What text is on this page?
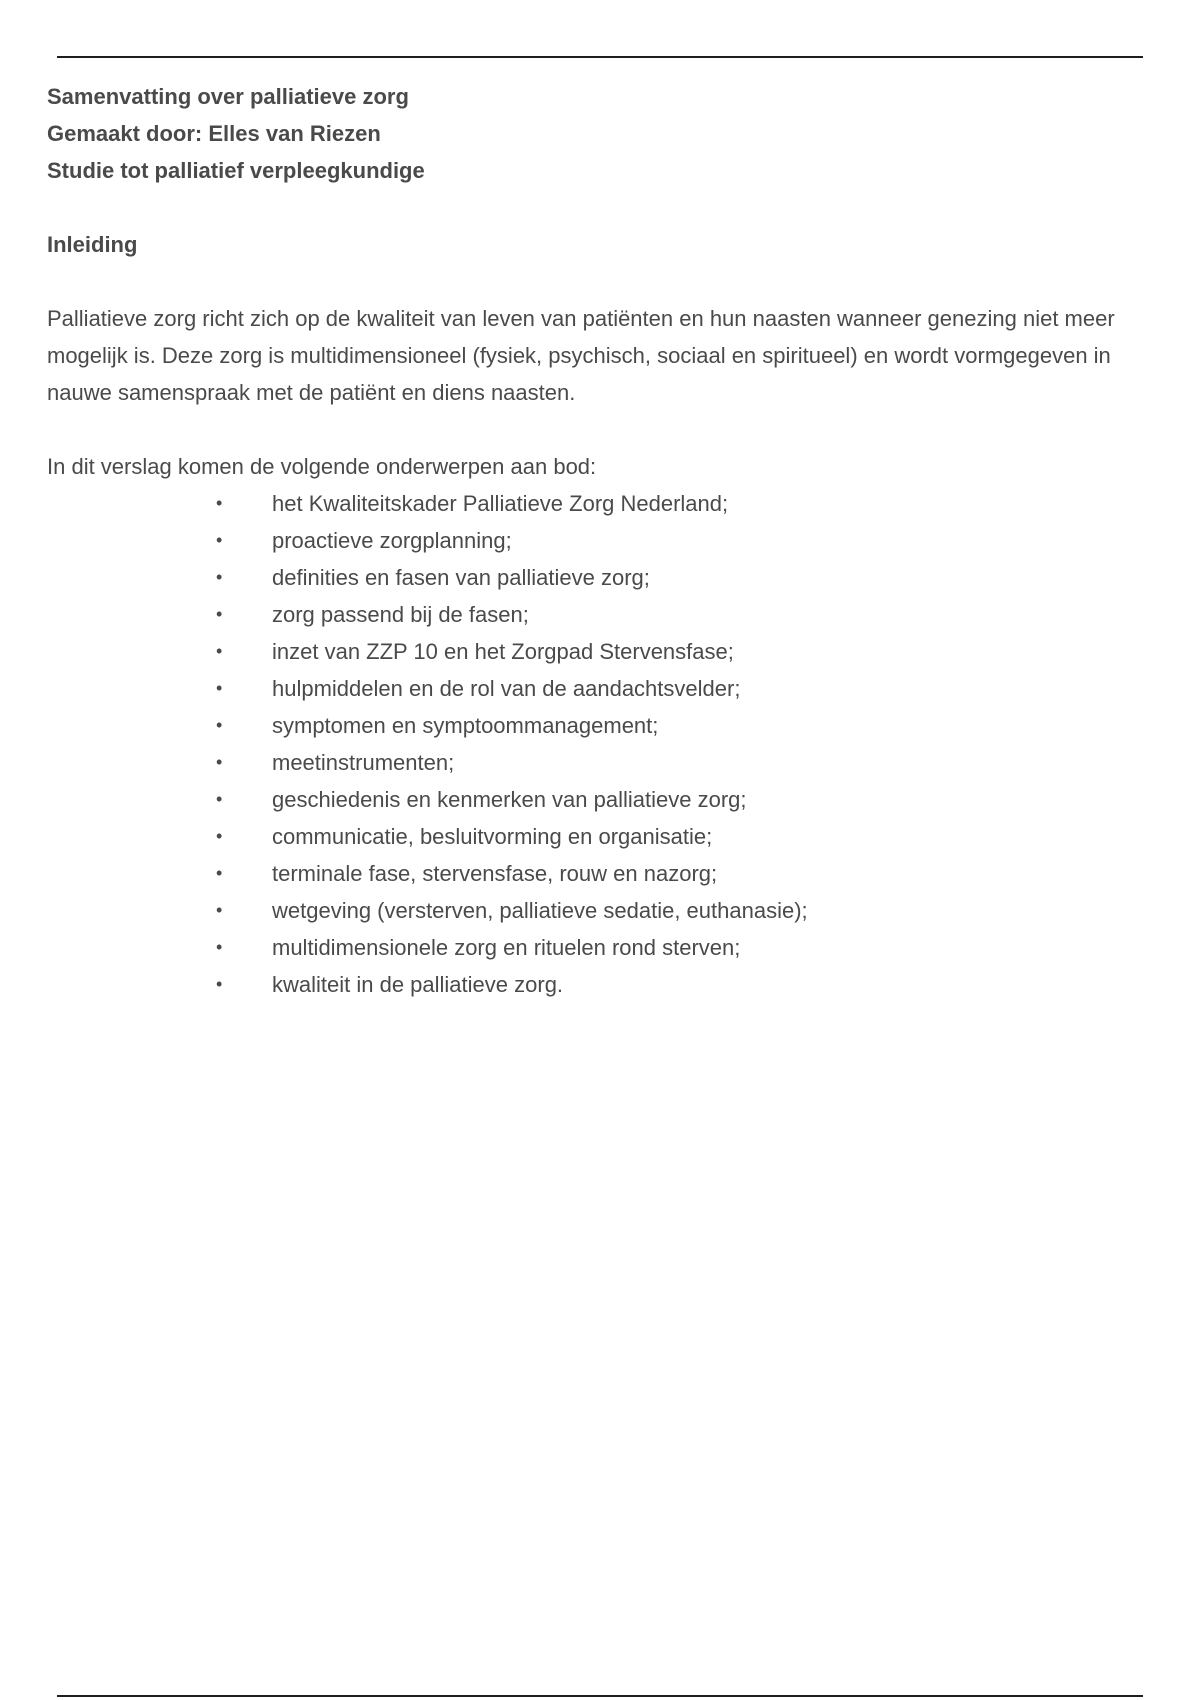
Samenvatting over palliatieve zorg

Gemaakt door: Elles van Riezen

Studie tot palliatief verpleegkundige

Inleiding

Palliatieve zorg richt zich op de kwaliteit van leven van patiënten en hun naasten wanneer genezing niet meer mogelijk is. Deze zorg is multidimensioneel (fysiek, psychisch, sociaal en spiritueel) en wordt vormgegeven in nauwe samenspraak met de patiënt en diens naasten.

In dit verslag komen de volgende onderwerpen aan bod:

• het Kwaliteitskader Palliatieve Zorg Nederland;
• proactieve zorgplanning;
• definities en fasen van palliatieve zorg;
• zorg passend bij de fasen;
• inzet van ZZP 10 en het Zorgpad Stervensfase;
• hulpmiddelen en de rol van de aandachtsvelder;
• symptomen en symptoommanagement;
• meetinstrumenten;
• geschiedenis en kenmerken van palliatieve zorg;
• communicatie, besluitvorming en organisatie;
• terminale fase, stervensfase, rouw en nazorg;
• wetgeving (versterven, palliatieve sedatie, euthanasie);
• multidimensionele zorg en rituelen rond sterven;
• kwaliteit in de palliatieve zorg.
